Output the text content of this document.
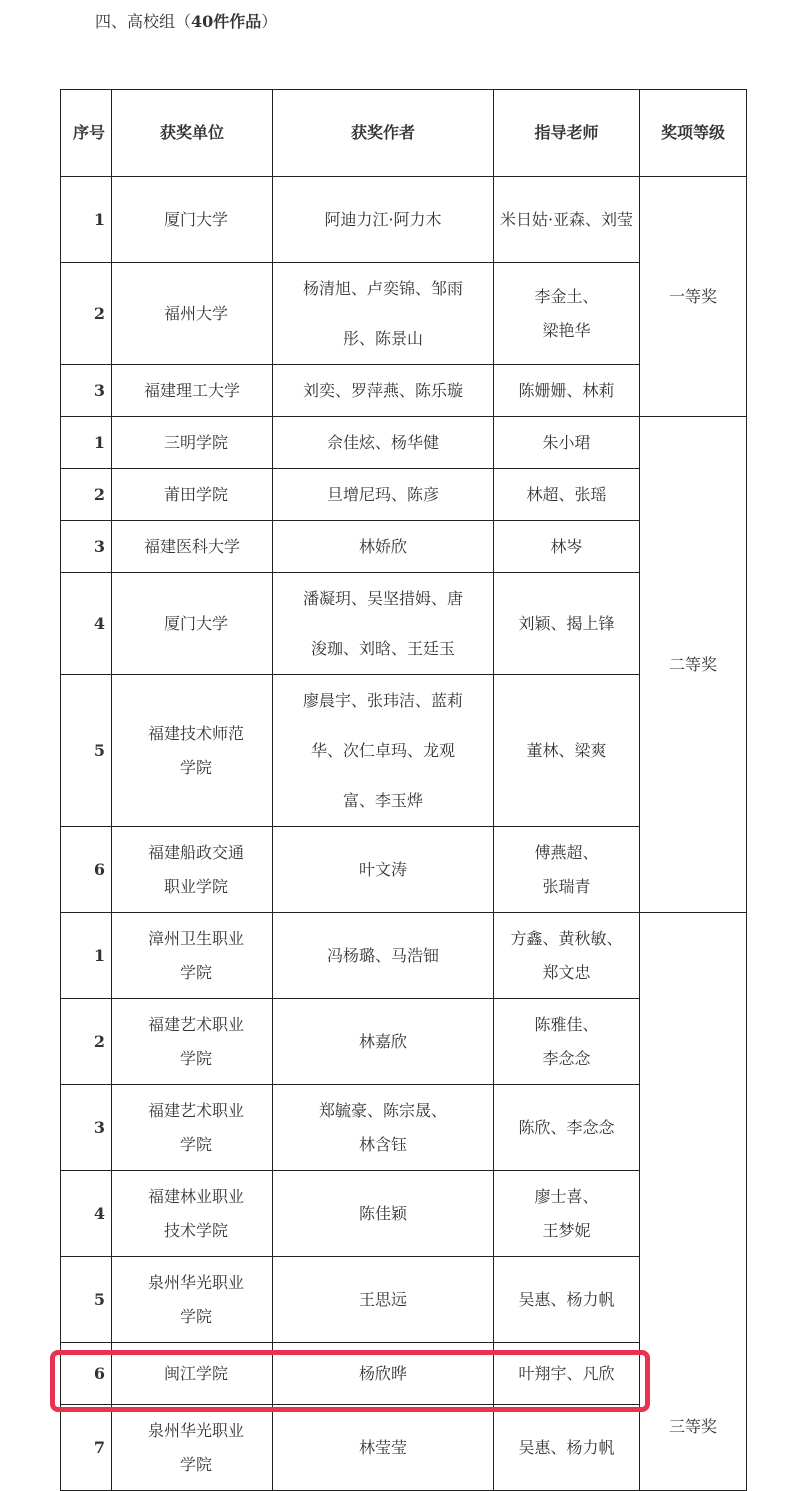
四、高校组（40件作品）
序号	获奖单位	获奖作者	指导老师	奖项等级
1	厦门大学	阿迪力江·阿力木	米日姑·亚森、刘莹	一等奖
2	福州大学	杨清旭、卢奕锦、邹雨彤、陈景山	李金土、梁艳华	
3	福建理工大学	刘奕、罗萍燕、陈乐璇	陈姗姗、林莉	
1	三明学院	佘佳炫、杨华健	朱小珺	二等奖
2	莆田学院	旦增尼玛、陈彦	林超、张瑶	
3	福建医科大学	林娇欣	林岑	
4	厦门大学	潘凝玥、吴坚措姆、唐浚珈、刘晗、王廷玉	刘颖、揭上锋	
5	福建技术师范学院	廖晨宇、张玮洁、蓝莉华、次仁卓玛、龙观富、李玉烨	董林、梁爽	
6	福建船政交通职业学院	叶文涛	傅燕超、张瑞青	
1	漳州卫生职业学院	冯杨璐、马浩钿	方鑫、黄秋敏、郑文忠	三等奖
2	福建艺术职业学院	林嘉欣	陈雅佳、李念念	
3	福建艺术职业学院	郑毓豪、陈宗晟、林含钰	陈欣、李念念	
4	福建林业职业技术学院	陈佳颖	廖士喜、王梦妮	
5	泉州华光职业学院	王思远	吴惠、杨力帆	
6	闽江学院	杨欣晔	叶翔宇、凡欣	
7	泉州华光职业学院	林莹莹	吴惠、杨力帆	
